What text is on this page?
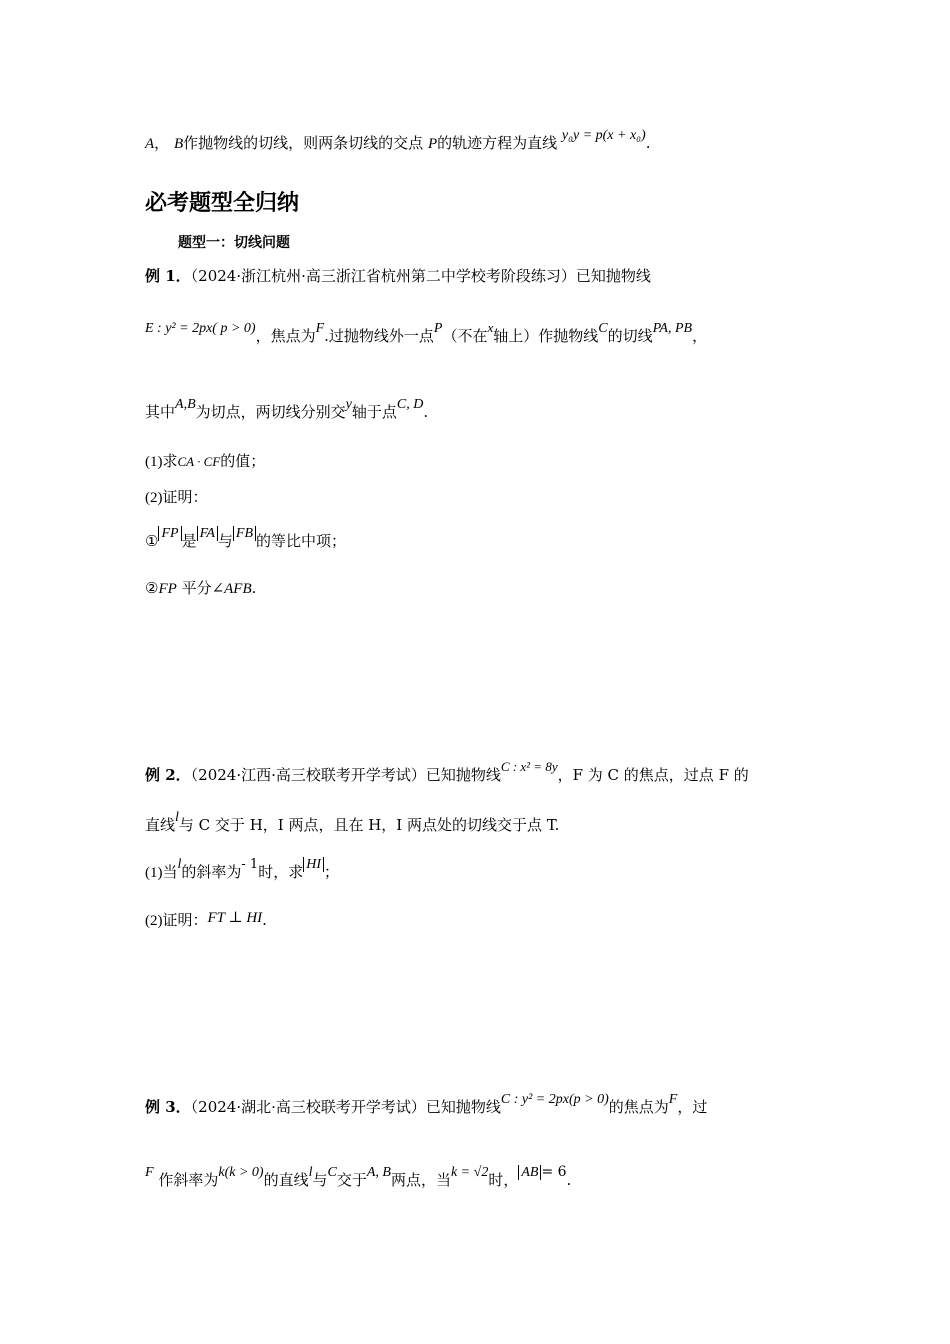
A， B作抛物线的切线，则两条切线的交点 P的轨迹方程为直线 y₀y = p(x + x₀).
必考题型全归纳
题型一：切线问题
例 1．（2024·浙江杭州·高三浙江省杭州第二中学校考阶段练习）已知抛物线
E : y² = 2px( p > 0)，焦点为F.过抛物线外一点P（不在x轴上）作抛物线C的切线PA, PB，
其中A,B为切点，两切线分别交y轴于点C, D.
(1)求CA · CF的值；
(2)证明：
① FP 是 FA 与 FB 的等比中项；
②FP 平分∠AFB.
例 2．（2024·江西·高三校联考开学考试）已知抛物线C : x² = 8y，F 为 C 的焦点，过点 F 的
直线l与 C 交于 H，I 两点，且在 H，I 两点处的切线交于点 T.
(1)当l的斜率为- 1时，求 HI ；
(2)证明：FT ⊥ HI.
例 3．（2024·湖北·高三校联考开学考试）已知抛物线C : y² = 2px(p > 0)的焦点为F，过
F 作斜率为k(k > 0)的直线l与C交于A, B两点，当k = √2时， AB = 6.
